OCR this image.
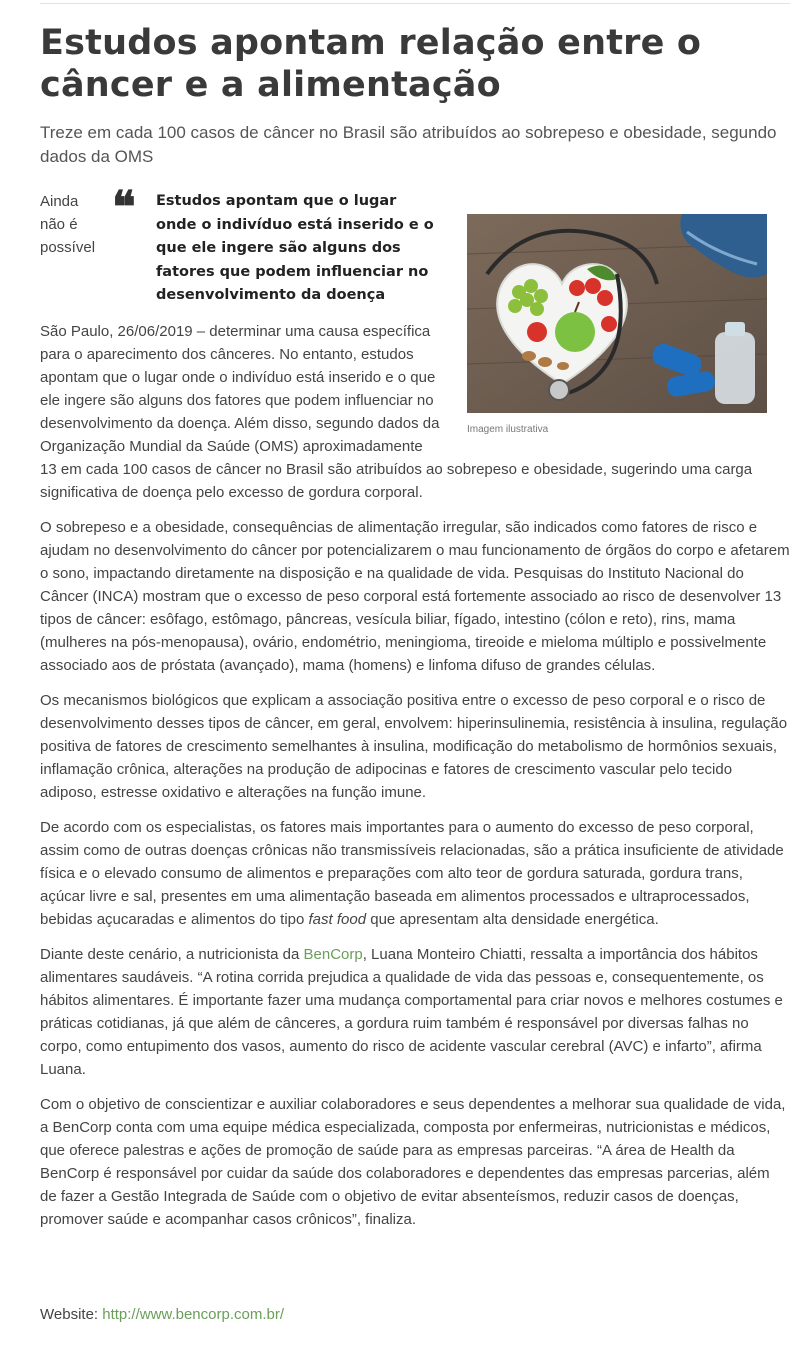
Estudos apontam relação entre o câncer e a alimentação

Treze em cada 100 casos de câncer no Brasil são atribuídos ao sobrepeso e obesidade, segundo dados da OMS

Imagem ilustrativa
Ainda não é possível
❝	Estudos apontam que o lugar onde o indivíduo está inserido e o que ele ingere são alguns dos fatores que podem influenciar no desenvolvimento da doença

São Paulo, 26/06/2019 – determinar uma causa específica para o aparecimento dos cânceres. No entanto, estudos apontam que o lugar onde o indivíduo está inserido e o que ele ingere são alguns dos fatores que podem influenciar no desenvolvimento da doença. Além disso, segundo dados da Organização Mundial da Saúde (OMS) aproximadamente 13 em cada 100 casos de câncer no Brasil são atribuídos ao sobrepeso e obesidade, sugerindo uma carga significativa de doença pelo excesso de gordura corporal.

O sobrepeso e a obesidade, consequências de alimentação irregular, são indicados como fatores de risco e ajudam no desenvolvimento do câncer por potencializarem o mau funcionamento de órgãos do corpo e afetarem o sono, impactando diretamente na disposição e na qualidade de vida. Pesquisas do Instituto Nacional do Câncer (INCA) mostram que o excesso de peso corporal está fortemente associado ao risco de desenvolver 13 tipos de câncer: esôfago, estômago, pâncreas, vesícula biliar, fígado, intestino (cólon e reto), rins, mama (mulheres na pós-menopausa), ovário, endométrio, meningioma, tireoide e mieloma múltiplo e possivelmente associado aos de próstata (avançado), mama (homens) e linfoma difuso de grandes células.

Os mecanismos biológicos que explicam a associação positiva entre o excesso de peso corporal e o risco de desenvolvimento desses tipos de câncer, em geral, envolvem: hiperinsulinemia, resistência à insulina, regulação positiva de fatores de crescimento semelhantes à insulina, modificação do metabolismo de hormônios sexuais, inflamação crônica, alterações na produção de adipocinas e fatores de crescimento vascular pelo tecido adiposo, estresse oxidativo e alterações na função imune.

De acordo com os especialistas, os fatores mais importantes para o aumento do excesso de peso corporal, assim como de outras doenças crônicas não transmissíveis relacionadas, são a prática insuficiente de atividade física e o elevado consumo de alimentos e preparações com alto teor de gordura saturada, gordura trans, açúcar livre e sal, presentes em uma alimentação baseada em alimentos processados e ultraprocessados, bebidas açucaradas e alimentos do tipo fast food que apresentam alta densidade energética.

Diante deste cenário, a nutricionista da BenCorp, Luana Monteiro Chiatti, ressalta a importância dos hábitos alimentares saudáveis. “A rotina corrida prejudica a qualidade de vida das pessoas e, consequentemente, os hábitos alimentares. É importante fazer uma mudança comportamental para criar novos e melhores costumes e práticas cotidianas, já que além de cânceres, a gordura ruim também é responsável por diversas falhas no corpo, como entupimento dos vasos, aumento do risco de acidente vascular cerebral (AVC) e infarto”, afirma Luana.

Com o objetivo de conscientizar e auxiliar colaboradores e seus dependentes a melhorar sua qualidade de vida, a BenCorp conta com uma equipe médica especializada, composta por enfermeiras, nutricionistas e médicos, que oferece palestras e ações de promoção de saúde para as empresas parceiras. “A área de Health da BenCorp é responsável por cuidar da saúde dos colaboradores e dependentes das empresas parcerias, além de fazer a Gestão Integrada de Saúde com o objetivo de evitar absenteísmos, reduzir casos de doenças, promover saúde e acompanhar casos crônicos”, finaliza.

Website: http://www.bencorp.com.br/
